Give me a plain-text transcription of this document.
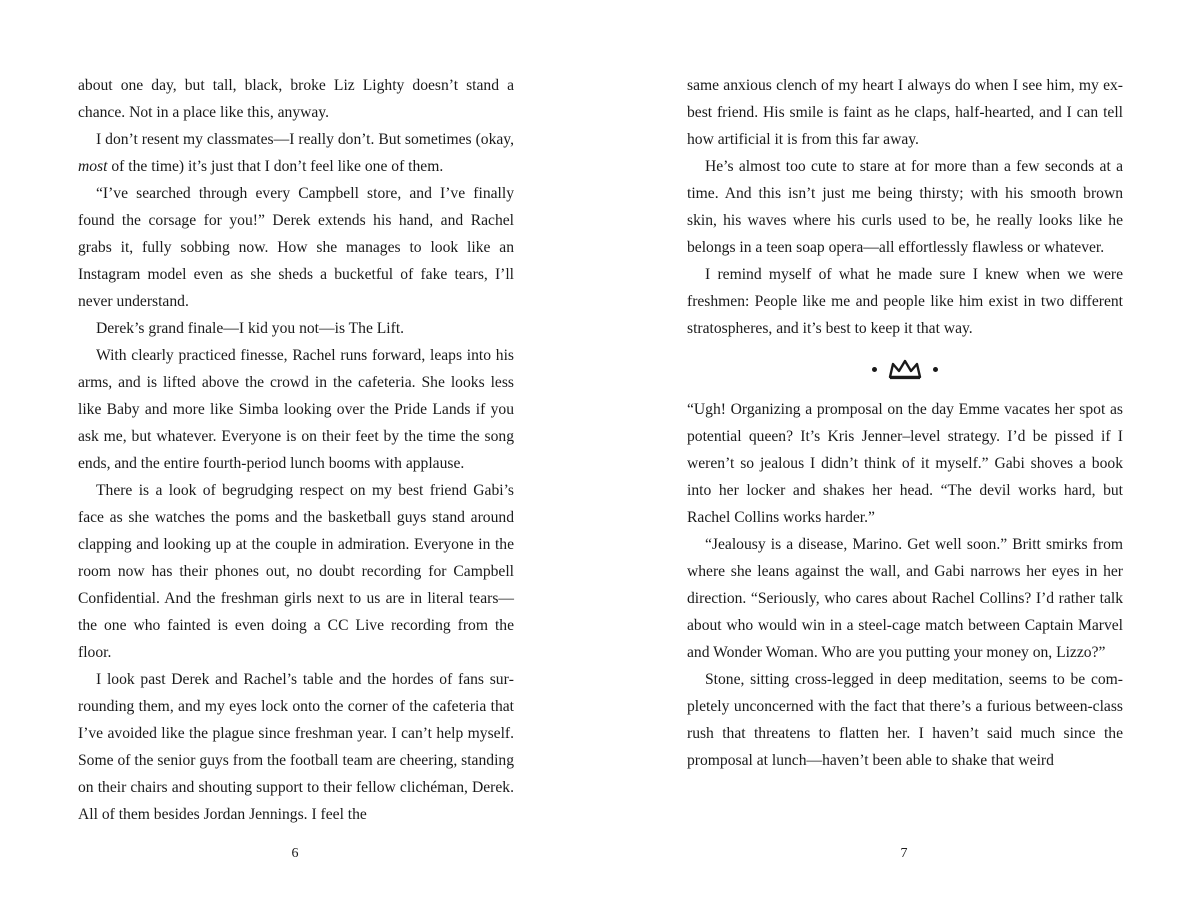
about one day, but tall, black, broke Liz Lighty doesn’t stand a chance. Not in a place like this, anyway.

I don’t resent my classmates—I really don’t. But sometimes (okay, most of the time) it’s just that I don’t feel like one of them.

“I’ve searched through every Campbell store, and I’ve finally found the corsage for you!” Derek extends his hand, and Rachel grabs it, fully sobbing now. How she manages to look like an Instagram model even as she sheds a bucketful of fake tears, I’ll never understand.

Derek’s grand finale—I kid you not—is The Lift.

With clearly practiced finesse, Rachel runs forward, leaps into his arms, and is lifted above the crowd in the cafeteria. She looks less like Baby and more like Simba looking over the Pride Lands if you ask me, but whatever. Everyone is on their feet by the time the song ends, and the entire fourth-period lunch booms with applause.

There is a look of begrudging respect on my best friend Gabi’s face as she watches the poms and the basketball guys stand around clapping and looking up at the couple in admiration. Everyone in the room now has their phones out, no doubt recording for Campbell Confidential. And the freshman girls next to us are in literal tears—the one who fainted is even doing a CC Live recording from the floor.

I look past Derek and Rachel’s table and the hordes of fans surrounding them, and my eyes lock onto the corner of the cafeteria that I’ve avoided like the plague since freshman year. I can’t help myself. Some of the senior guys from the football team are cheering, standing on their chairs and shouting support to their fellow clichéman, Derek. All of them besides Jordan Jennings. I feel the

6

same anxious clench of my heart I always do when I see him, my ex-best friend. His smile is faint as he claps, half-hearted, and I can tell how artificial it is from this far away.

He’s almost too cute to stare at for more than a few seconds at a time. And this isn’t just me being thirsty; with his smooth brown skin, his waves where his curls used to be, he really looks like he belongs in a teen soap opera—all effortlessly flawless or whatever.

I remind myself of what he made sure I knew when we were freshmen: People like me and people like him exist in two different stratospheres, and it’s best to keep it that way.

“Ugh! Organizing a promposal on the day Emme vacates her spot as potential queen? It’s Kris Jenner–level strategy. I’d be pissed if I weren’t so jealous I didn’t think of it myself.” Gabi shoves a book into her locker and shakes her head. “The devil works hard, but Rachel Collins works harder.”

“Jealousy is a disease, Marino. Get well soon.” Britt smirks from where she leans against the wall, and Gabi narrows her eyes in her direction. “Seriously, who cares about Rachel Collins? I’d rather talk about who would win in a steel-cage match between Captain Marvel and Wonder Woman. Who are you putting your money on, Lizzo?”

Stone, sitting cross-legged in deep meditation, seems to be completely unconcerned with the fact that there’s a furious between-class rush that threatens to flatten her. I haven’t said much since the promposal at lunch—haven’t been able to shake that weird

7
